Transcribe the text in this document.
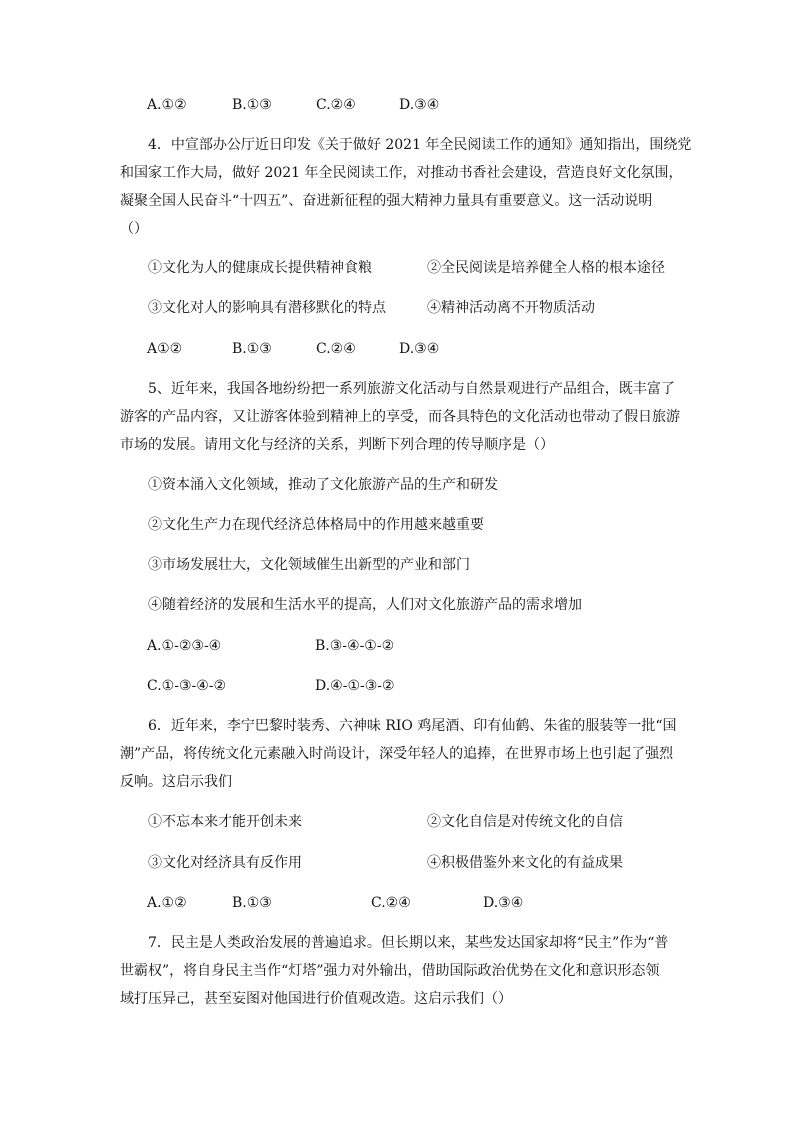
A.①②	B.①③	C.②④	D.③④
4．中宣部办公厅近日印发《关于做好 2021 年全民阅读工作的通知》通知指出，围绕党
和国家工作大局，做好 2021 年全民阅读工作，对推动书香社会建设，营造良好文化氛围，
凝聚全国人民奋斗“十四五”、奋进新征程的强大精神力量具有重要意义。这一活动说明
（）
①文化为人的健康成长提供精神食粮	②全民阅读是培养健全人格的根本途径
③文化对人的影响具有潜移默化的特点	④精神活动离不开物质活动
A①②	B.①③	C.②④	D.③④
5、近年来，我国各地纷纷把一系列旅游文化活动与自然景观进行产品组合，既丰富了
游客的产品内容，又让游客体验到精神上的享受，而各具特色的文化活动也带动了假日旅游
市场的发展。请用文化与经济的关系，判断下列合理的传导顺序是（）
①资本涌入文化领域，推动了文化旅游产品的生产和研发
②文化生产力在现代经济总体格局中的作用越来越重要
③市场发展壮大，文化领域催生出新型的产业和部门
④随着经济的发展和生活水平的提高，人们对文化旅游产品的需求增加
A.①-②③-④	B.③-④-①-②
C.①-③-④-②	D.④-①-③-②
6．近年来，李宁巴黎时装秀、六神味 RIO 鸡尾酒、印有仙鹤、朱雀的服装等一批“国
潮”产品，将传统文化元素融入时尚设计，深受年轻人的追捧，在世界市场上也引起了强烈
反响。这启示我们
①不忘本来才能开创未来	②文化自信是对传统文化的自信
③文化对经济具有反作用	④积极借鉴外来文化的有益成果
A.①②	B.①③	C.②④	D.③④
7．民主是人类政治发展的普遍追求。但长期以来，某些发达国家却将“民主”作为“普
世霸权”，将自身民主当作“灯塔”强力对外输出，借助国际政治优势在文化和意识形态领
域打压异己，甚至妄图对他国进行价值观改造。这启示我们（）
